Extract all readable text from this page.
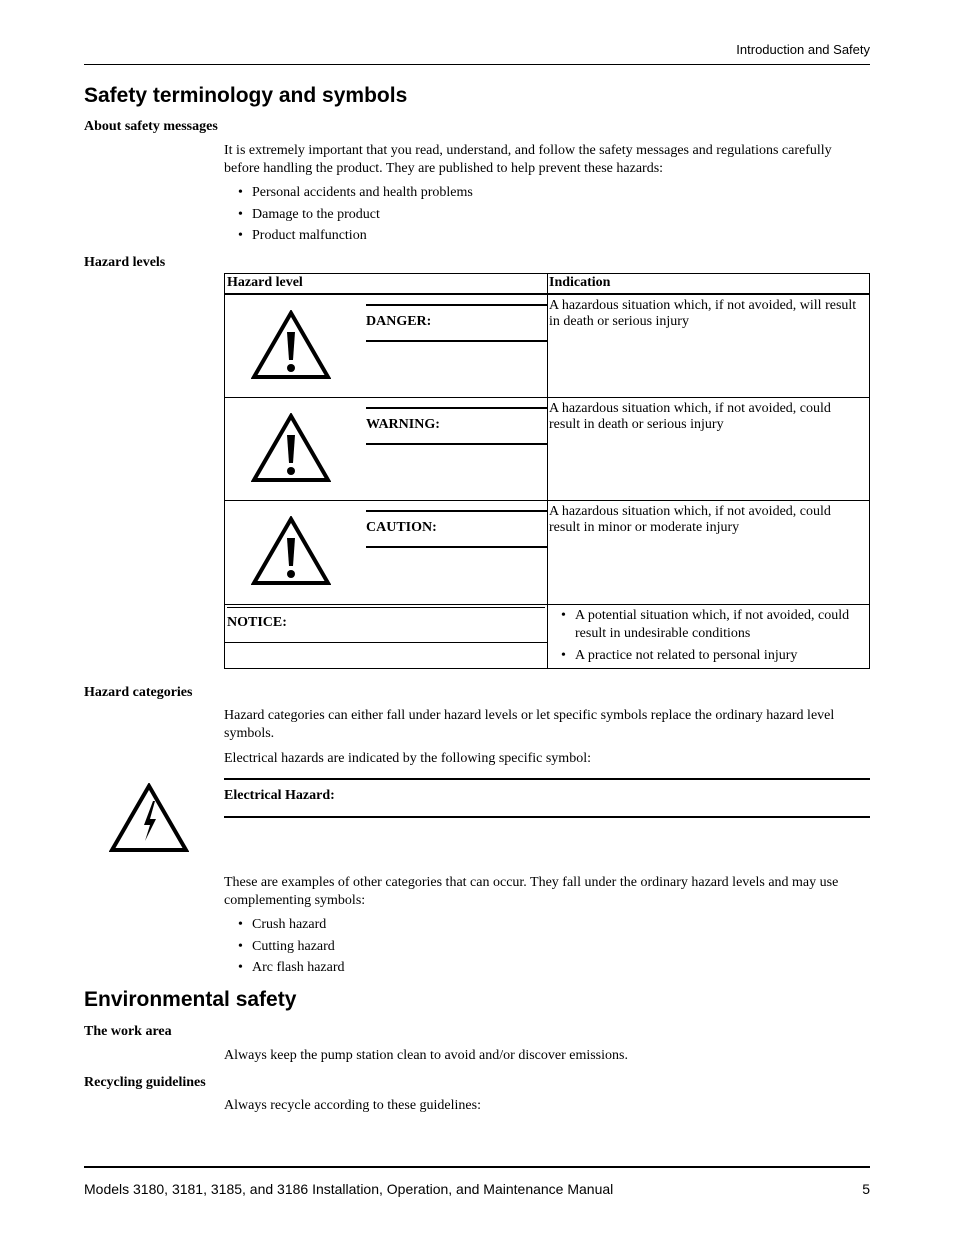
Introduction and Safety
Safety terminology and symbols
About safety messages
It is extremely important that you read, understand, and follow the safety messages and regulations carefully before handling the product. They are published to help prevent these hazards:
• Personal accidents and health problems
• Damage to the product
• Product malfunction
Hazard levels
Hazard level	Indication
DANGER:
A hazardous situation which, if not avoided, will result in death or serious injury
WARNING:
A hazardous situation which, if not avoided, could result in death or serious injury
CAUTION:
A hazardous situation which, if not avoided, could result in minor or moderate injury
NOTICE:
•	A potential situation which, if not avoided, could result in undesirable conditions
• A practice not related to personal injury
Hazard categories
Hazard categories can either fall under hazard levels or let specific symbols replace the ordinary hazard level symbols.
Electrical hazards are indicated by the following specific symbol:
Electrical Hazard:
These are examples of other categories that can occur. They fall under the ordinary hazard levels and may use complementing symbols:
• Crush hazard
• Cutting hazard
• Arc flash hazard
Environmental safety
The work area
Always keep the pump station clean to avoid and/or discover emissions.
Recycling guidelines
Always recycle according to these guidelines:
Models 3180, 3181, 3185, and 3186 Installation, Operation, and Maintenance Manual	5
